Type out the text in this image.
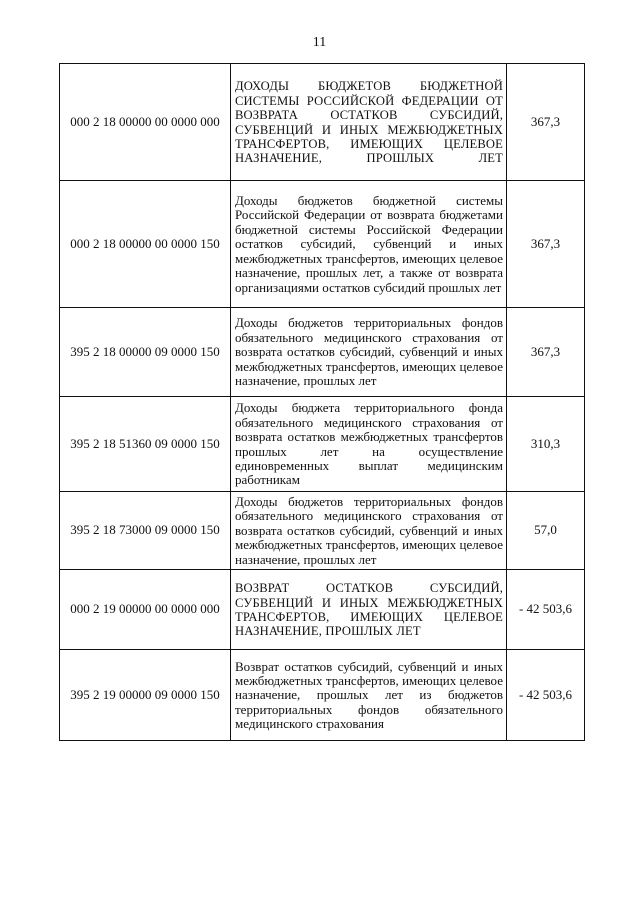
11
000 2 18 00000 00 0000 000	ДОХОДЫ БЮДЖЕТОВ БЮДЖЕТНОЙ СИСТЕМЫ РОССИЙСКОЙ ФЕДЕРАЦИИ ОТ ВОЗВРАТА ОСТАТКОВ СУБСИДИЙ, СУБВЕНЦИЙ И ИНЫХ МЕЖБЮДЖЕТНЫХ ТРАНСФЕРТОВ, ИМЕЮЩИХ ЦЕЛЕВОЕ НАЗНАЧЕНИЕ, ПРОШЛЫХ ЛЕТ	367,3
000 2 18 00000 00 0000 150	Доходы бюджетов бюджетной системы Российской Федерации от возврата бюджетами бюджетной системы Российской Федерации остатков субсидий, субвенций и иных межбюджетных трансфертов, имеющих целевое назначение, прошлых лет, а также от возврата организациями остатков субсидий прошлых лет	367,3
395 2 18 00000 09 0000 150	Доходы бюджетов территориальных фондов обязательного медицинского страхования от возврата остатков субсидий, субвенций и иных межбюджетных трансфертов, имеющих целевое назначение, прошлых лет	367,3
395 2 18 51360 09 0000 150	Доходы бюджета территориального фонда обязательного медицинского страхования от возврата остатков межбюджетных трансфертов прошлых лет на осуществление единовременных выплат медицинским работникам	310,3
395 2 18 73000 09 0000 150	Доходы бюджетов территориальных фондов обязательного медицинского страхования от возврата остатков субсидий, субвенций и иных межбюджетных трансфертов, имеющих целевое назначение, прошлых лет	57,0
000 2 19 00000 00 0000 000	ВОЗВРАТ ОСТАТКОВ СУБСИДИЙ, СУБВЕНЦИЙ И ИНЫХ МЕЖБЮДЖЕТНЫХ ТРАНСФЕРТОВ, ИМЕЮЩИХ ЦЕЛЕВОЕ НАЗНАЧЕНИЕ, ПРОШЛЫХ ЛЕТ	- 42 503,6
395 2 19 00000 09 0000 150	Возврат остатков субсидий, субвенций и иных межбюджетных трансфертов, имеющих целевое назначение, прошлых лет из бюджетов территориальных фондов обязательного медицинского страхования	- 42 503,6
